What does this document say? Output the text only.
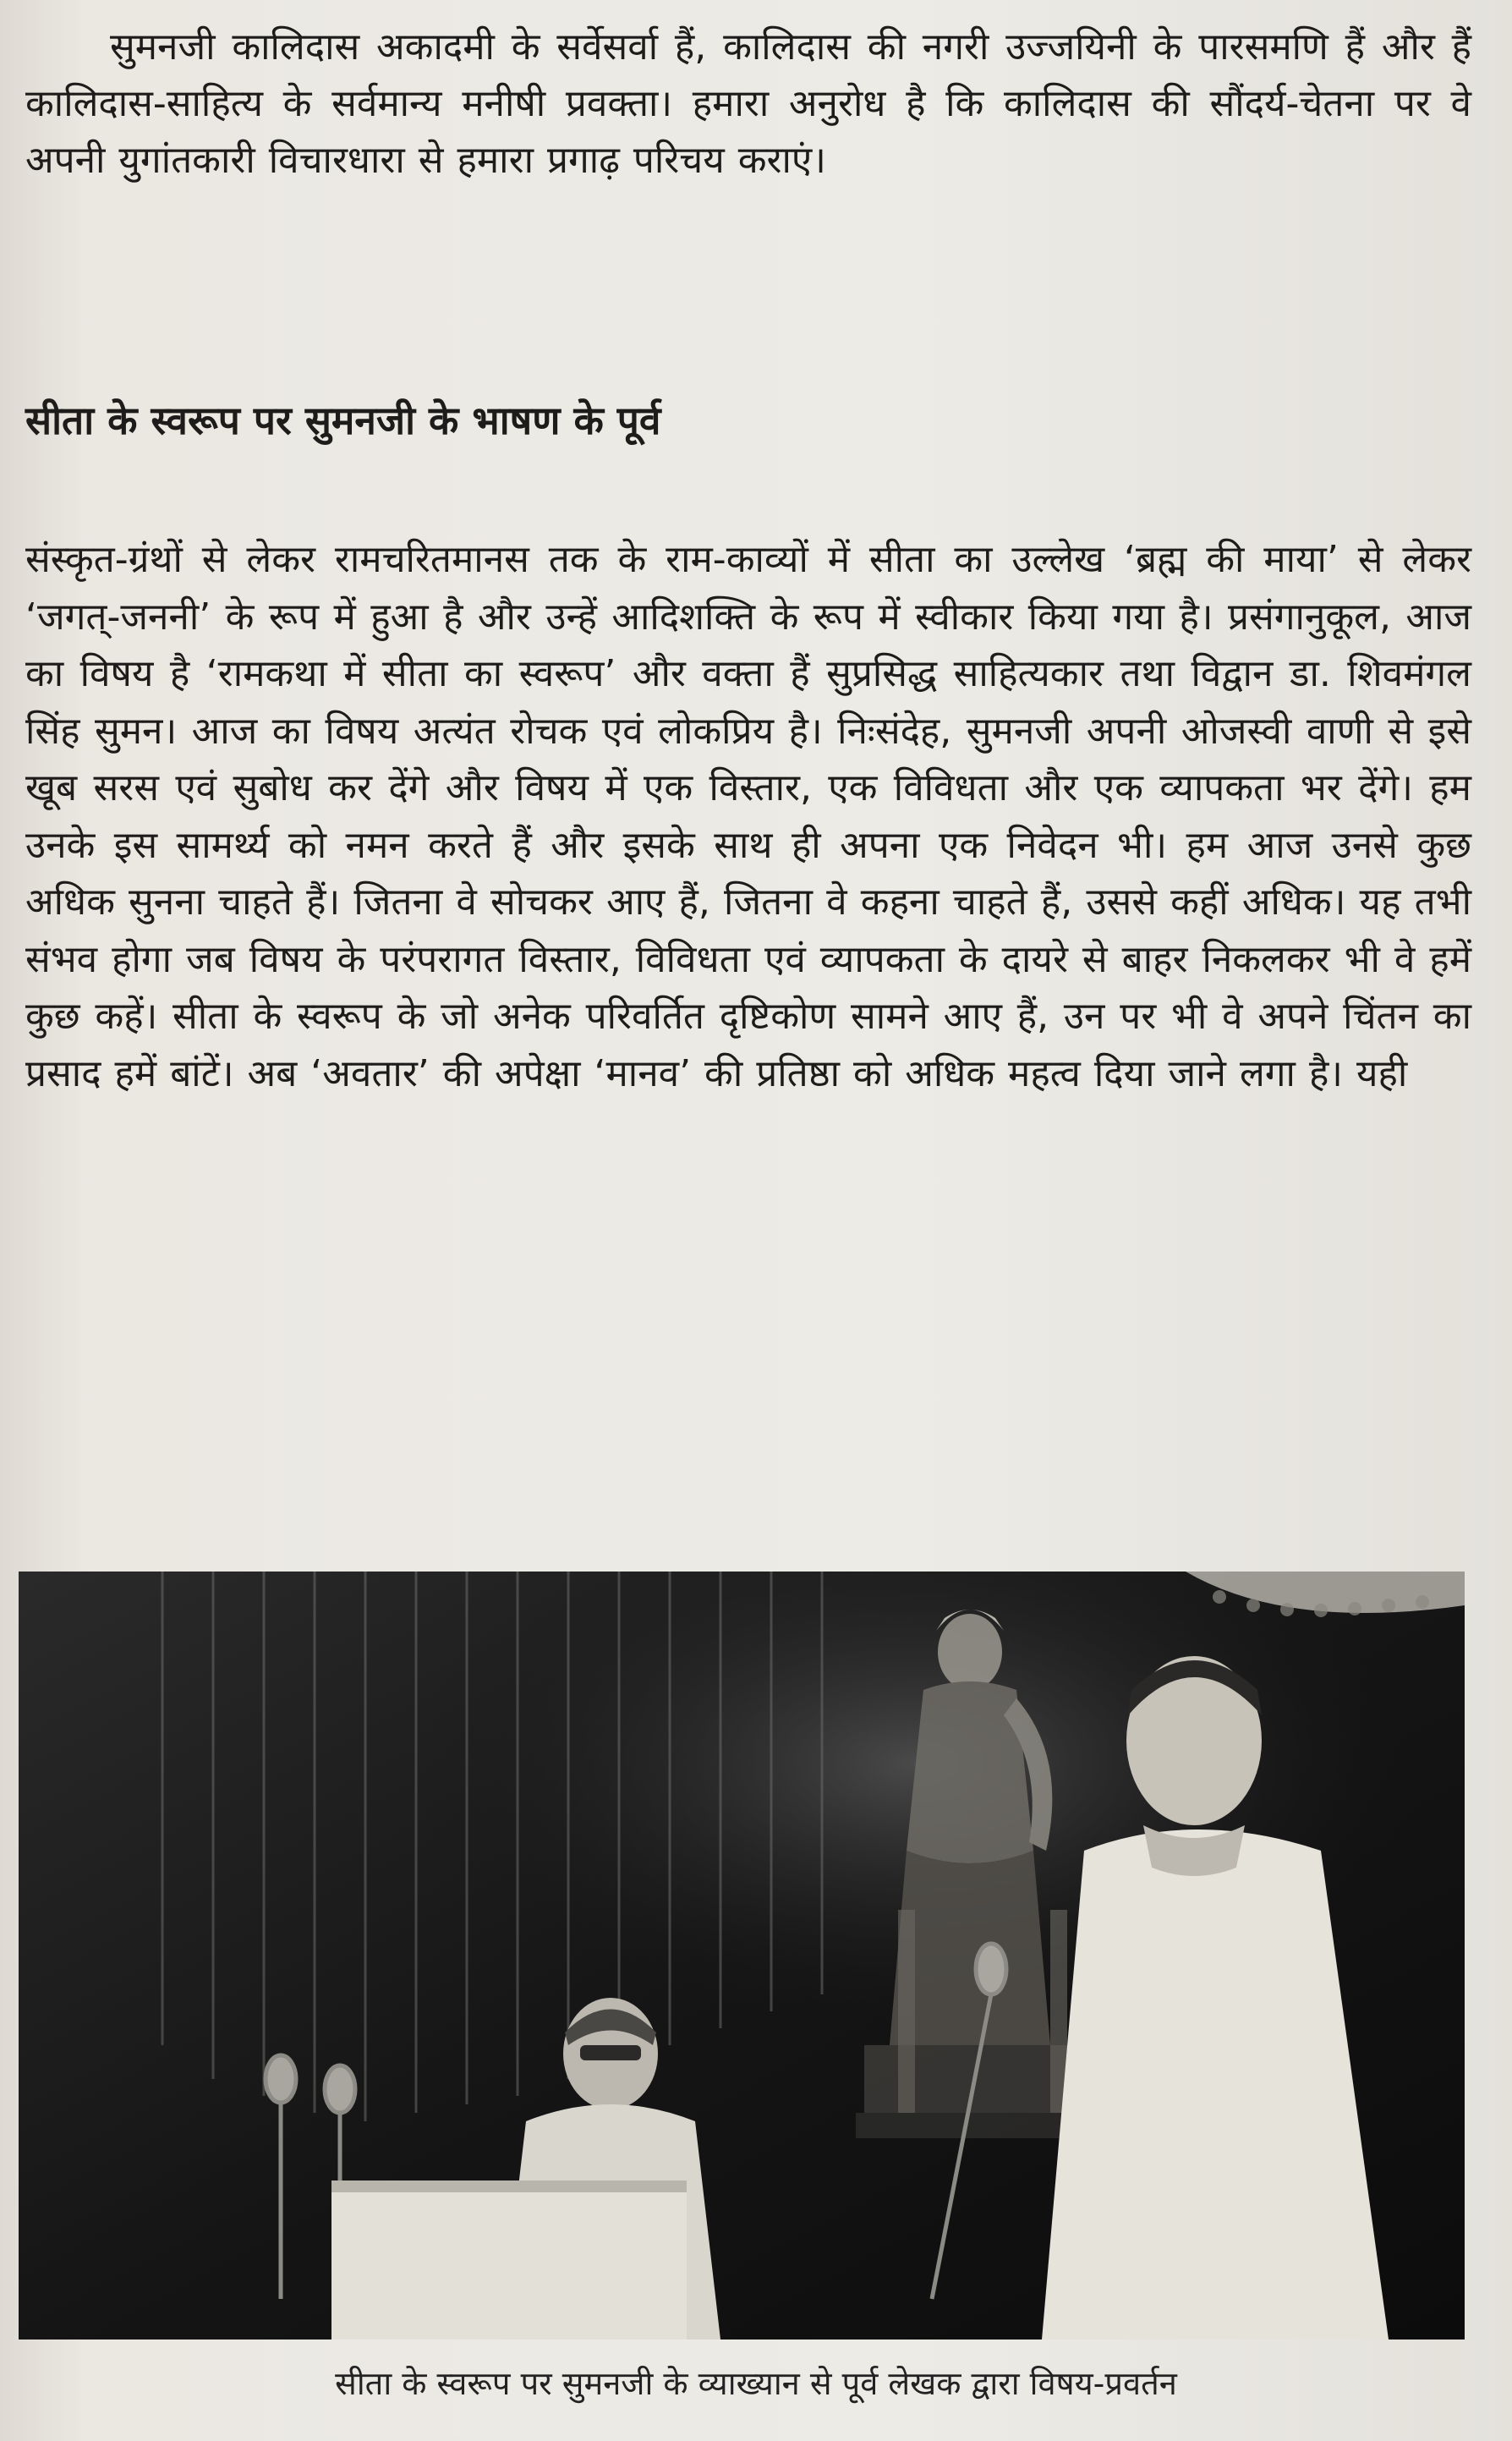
सुमनजी कालिदास अकादमी के सर्वेसर्वा हैं, कालिदास की नगरी उज्जयिनी के पारसमणि हैं और हैं कालिदास-साहित्य के सर्वमान्य मनीषी प्रवक्ता। हमारा अनुरोध है कि कालिदास की सौंदर्य-चेतना पर वे अपनी युगांतकारी विचारधारा से हमारा प्रगाढ़ परिचय कराएं।

सीता के स्वरूप पर सुमनजी के भाषण के पूर्व

संस्कृत-ग्रंथों से लेकर रामचरितमानस तक के राम-काव्यों में सीता का उल्लेख ‘ब्रह्म की माया’ से लेकर ‘जगत्-जननी’ के रूप में हुआ है और उन्हें आदिशक्ति के रूप में स्वीकार किया गया है। प्रसंगानुकूल, आज का विषय है ‘रामकथा में सीता का स्वरूप’ और वक्ता हैं सुप्रसिद्ध साहित्यकार तथा विद्वान डा. शिवमंगल सिंह सुमन। आज का विषय अत्यंत रोचक एवं लोकप्रिय है। निःसंदेह, सुमनजी अपनी ओजस्वी वाणी से इसे खूब सरस एवं सुबोध कर देंगे और विषय में एक विस्तार, एक विविधता और एक व्यापकता भर देंगे। हम उनके इस सामर्थ्य को नमन करते हैं और इसके साथ ही अपना एक निवेदन भी। हम आज उनसे कुछ अधिक सुनना चाहते हैं। जितना वे सोचकर आए हैं, जितना वे कहना चाहते हैं, उससे कहीं अधिक। यह तभी संभव होगा जब विषय के परंपरागत विस्तार, विविधता एवं व्यापकता के दायरे से बाहर निकलकर भी वे हमें कुछ कहें। सीता के स्वरूप के जो अनेक परिवर्तित दृष्टिकोण सामने आए हैं, उन पर भी वे अपने चिंतन का प्रसाद हमें बांटें। अब ‘अवतार’ की अपेक्षा ‘मानव’ की प्रतिष्ठा को अधिक महत्व दिया जाने लगा है। यही

सीता के स्वरूप पर सुमनजी के व्याख्यान से पूर्व लेखक द्वारा विषय-प्रवर्तन
